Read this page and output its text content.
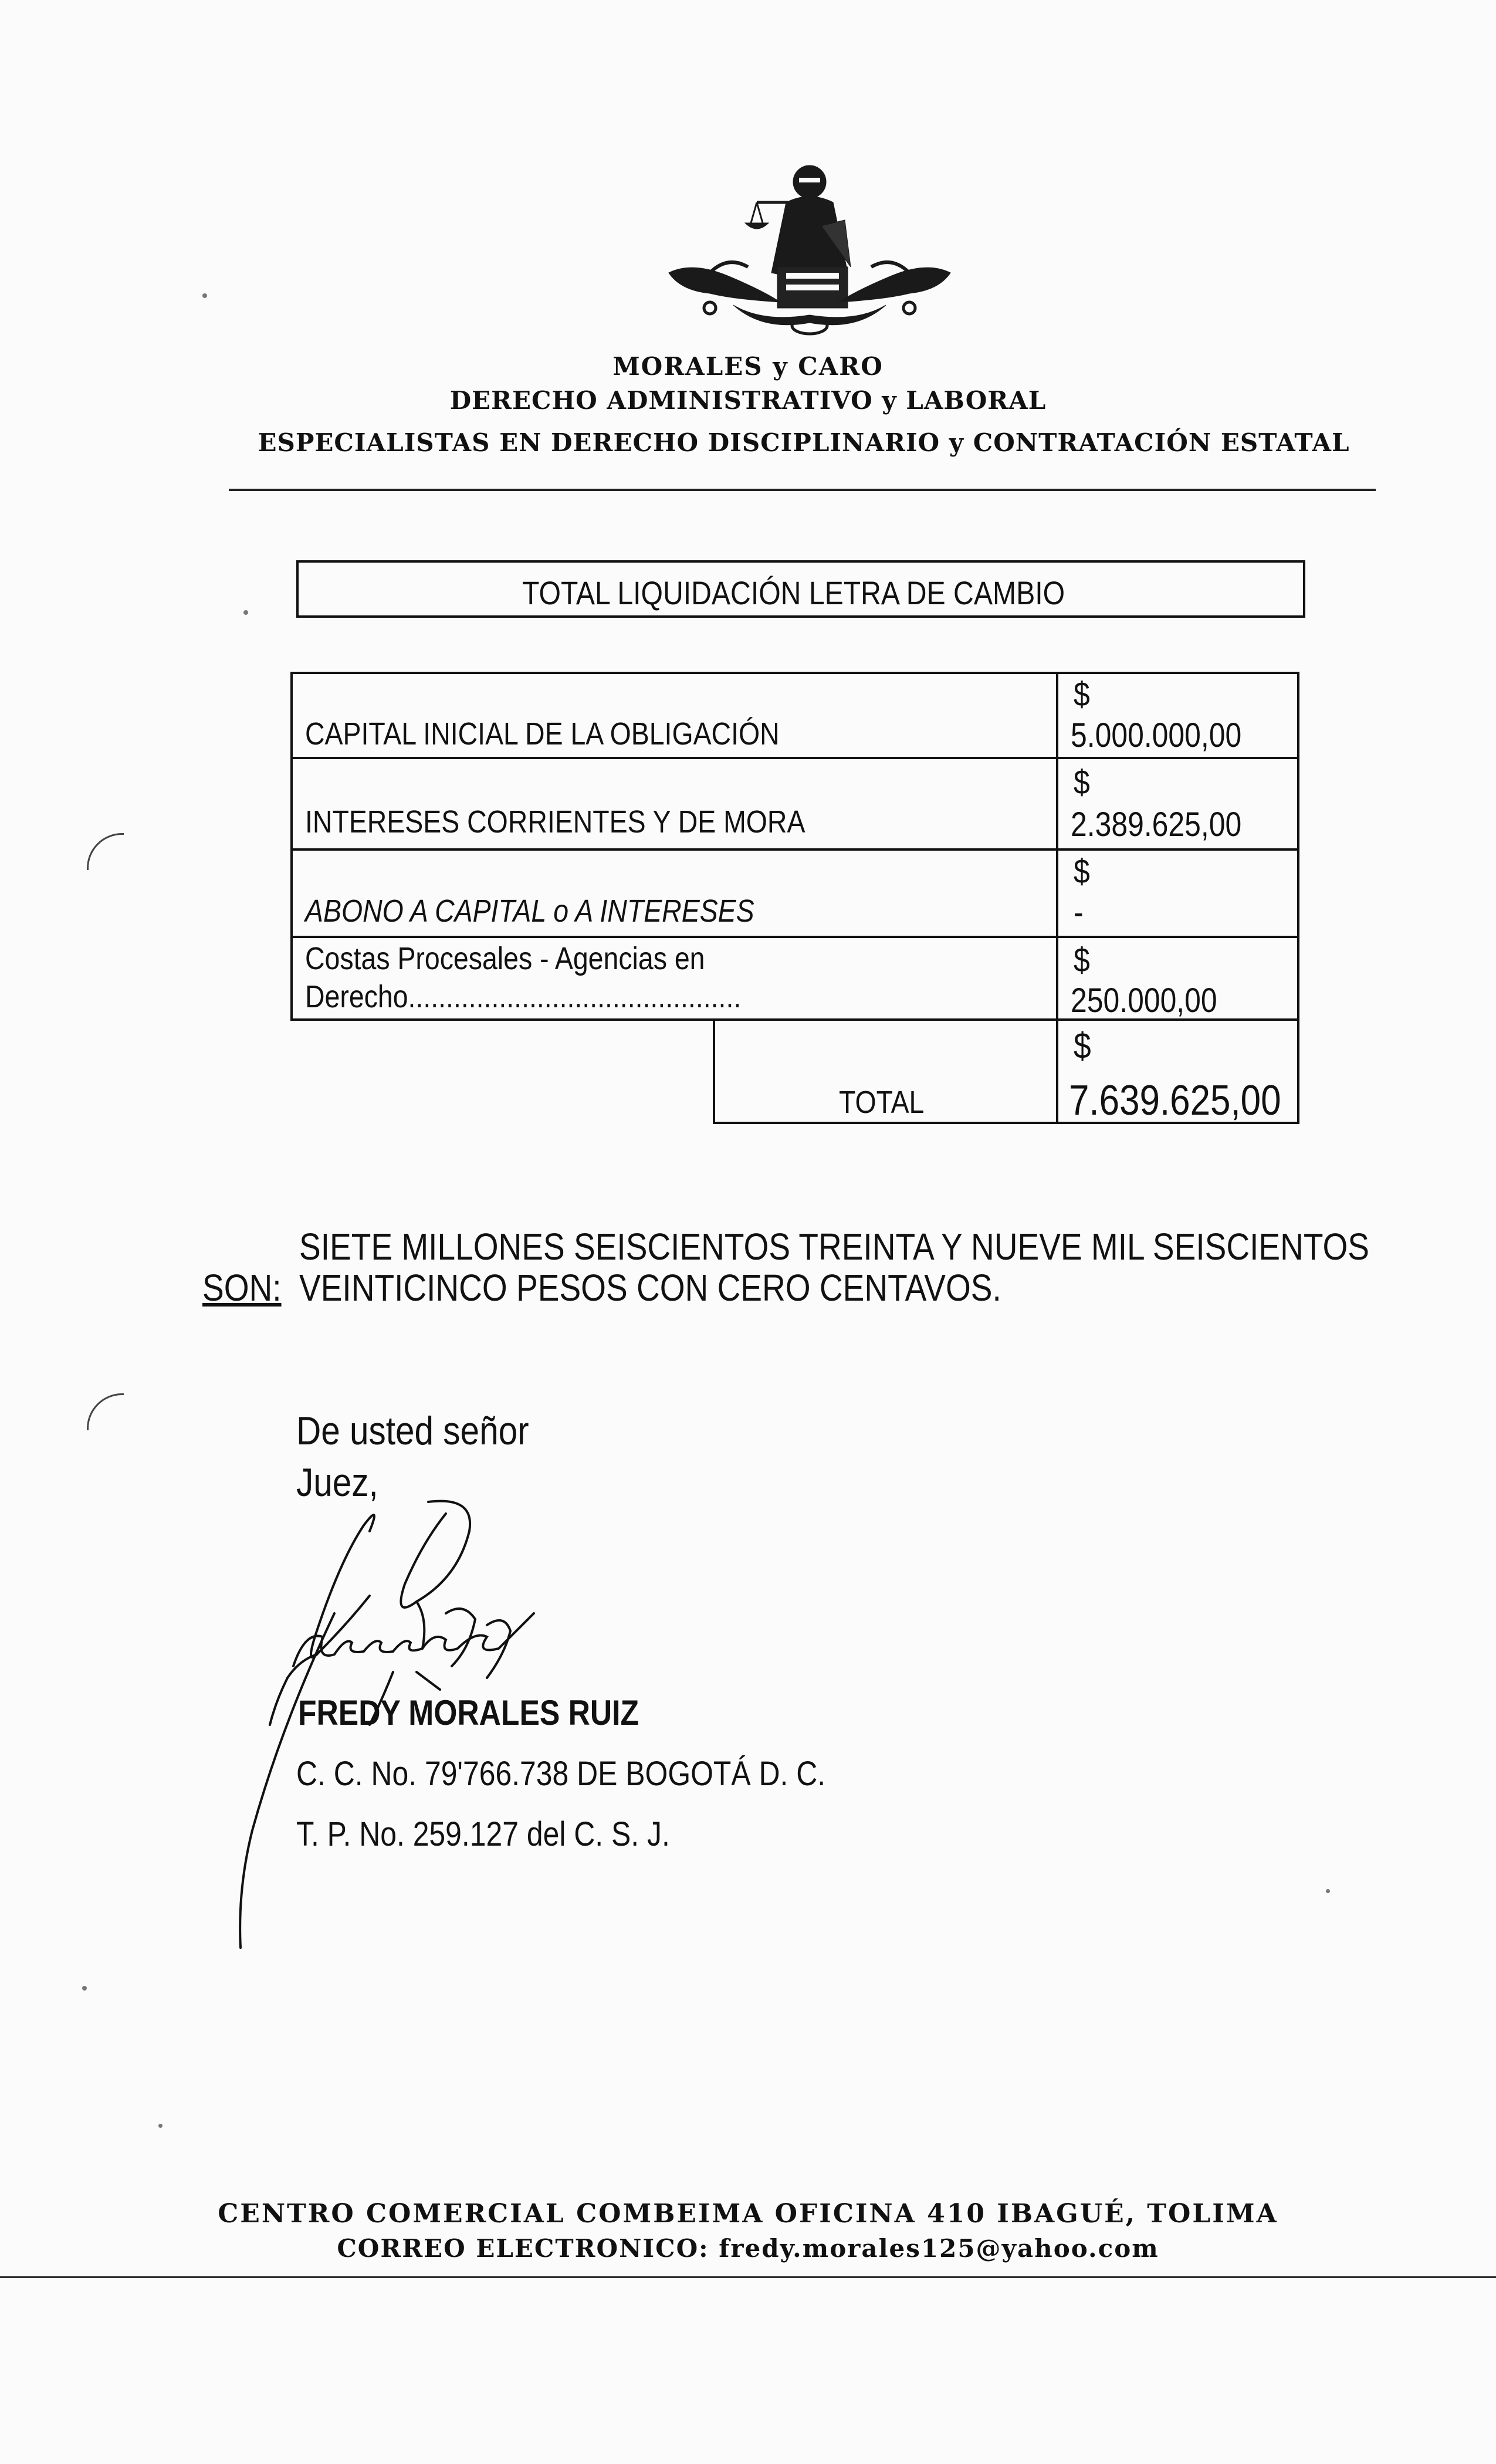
MORALES y CARO
DERECHO ADMINISTRATIVO y LABORAL
ESPECIALISTAS EN DERECHO DISCIPLINARIO y CONTRATACIÓN ESTATAL
TOTAL LIQUIDACIÓN LETRA DE CAMBIO
CAPITAL INICIAL DE LA OBLIGACIÓN
$
5.000.000,00
INTERESES CORRIENTES Y DE MORA
$
2.389.625,00
ABONO A CAPITAL o A INTERESES
$
-
Costas Procesales - Agencias en
Derecho............................................
$
250.000,00
TOTAL
$
7.639.625,00
SIETE MILLONES SEISCIENTOS TREINTA Y NUEVE MIL SEISCIENTOS
SON: VEINTICINCO PESOS CON CERO CENTAVOS.
De usted señor
Juez,
FREDY MORALES RUIZ
C. C. No. 79'766.738 DE BOGOTÁ D. C.
T. P. No. 259.127 del C. S. J.
CENTRO COMERCIAL COMBEIMA OFICINA 410 IBAGUÉ, TOLIMA
CORREO ELECTRONICO: fredy.morales125@yahoo.com
